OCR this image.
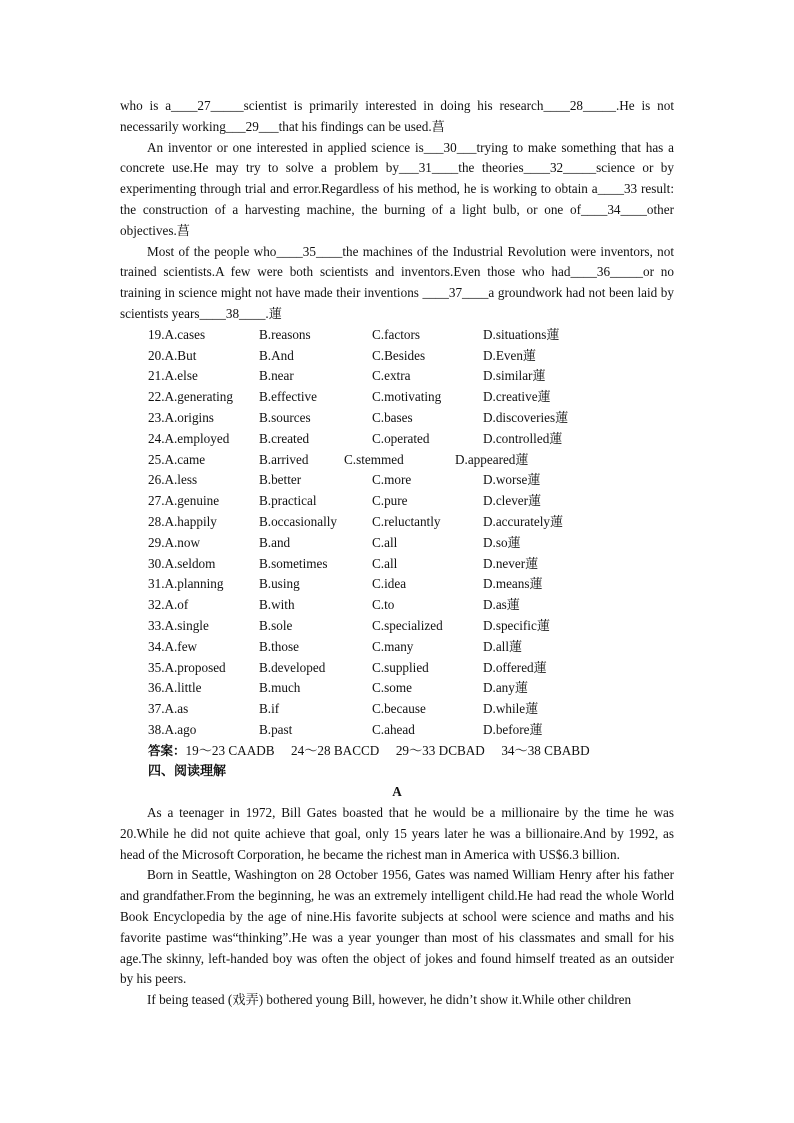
who is a____27_____scientist is primarily interested in doing his research____28_____.He is not necessarily working___29___that his findings can be used.菖

An inventor or one interested in applied science is___30___trying to make something that has a concrete use.He may try to solve a problem by___31____the theories____32_____science or by experimenting through trial and error.Regardless of his method, he is working to obtain a____33 result: the construction of a harvesting machine, the burning of a light bulb, or one of____34____other objectives.菖

Most of the people who____35____the machines of the Industrial Revolution were inventors, not trained scientists.A few were both scientists and inventors.Even those who had____36_____or no training in science might not have made their inventions ____37____a groundwork had not been laid by scientists years____38____.蓮

19.A.cases	B.reasons	C.factors	D.situations蓮
20.A.But	B.And	C.Besides	D.Even蓮
21.A.else	B.near	C.extra	D.similar蓮
22.A.generating B.effective	C.motivating	D.creative蓮
23.A.origins	B.sources	C.bases	D.discoveries蓮
24.A.employed B.created	C.operated	D.controlled蓮
25.A.came	B.arrived	C.stemmed	D.appeared蓮
26.A.less	B.better	C.more	D.worse蓮
27.A.genuine	B.practical	C.pure	D.clever蓮
28.A.happily	B.occasionally	C.reluctantly	D.accurately蓮
29.A.now	B.and	C.all	D.so蓮
30.A.seldom	B.sometimes	C.all	D.never蓮
31.A.planning	B.using	C.idea	D.means蓮
32.A.of	B.with	C.to	D.as蓮
33.A.single	B.sole	C.specialized	D.specific蓮
34.A.few	B.those	C.many	D.all蓮
35.A.proposed	B.developed	C.supplied	D.offered蓮
36.A.little	B.much	C.some	D.any蓮
37.A.as	B.if	C.because	D.while蓮
38.A.ago	B.past	C.ahead	D.before蓮
答案：19～23 CAADB 24～28 BACCD 29～33 DCBAD 34～38 CBABD
四、阅读理解
A

As a teenager in 1972, Bill Gates boasted that he would be a millionaire by the time he was 20.While he did not quite achieve that goal, only 15 years later he was a billionaire.And by 1992, as head of the Microsoft Corporation, he became the richest man in America with US$6.3 billion.

Born in Seattle, Washington on 28 October 1956, Gates was named William Henry after his father and grandfather.From the beginning, he was an extremely intelligent child.He had read the whole World Book Encyclopedia by the age of nine.His favorite subjects at school were science and maths and his favorite pastime was“thinking”.He was a year younger than most of his classmates and small for his age.The skinny, left-handed boy was often the object of jokes and found himself treated as an outsider by his peers.

If being teased (戏弄) bothered young Bill, however, he didn’t show it.While other children
